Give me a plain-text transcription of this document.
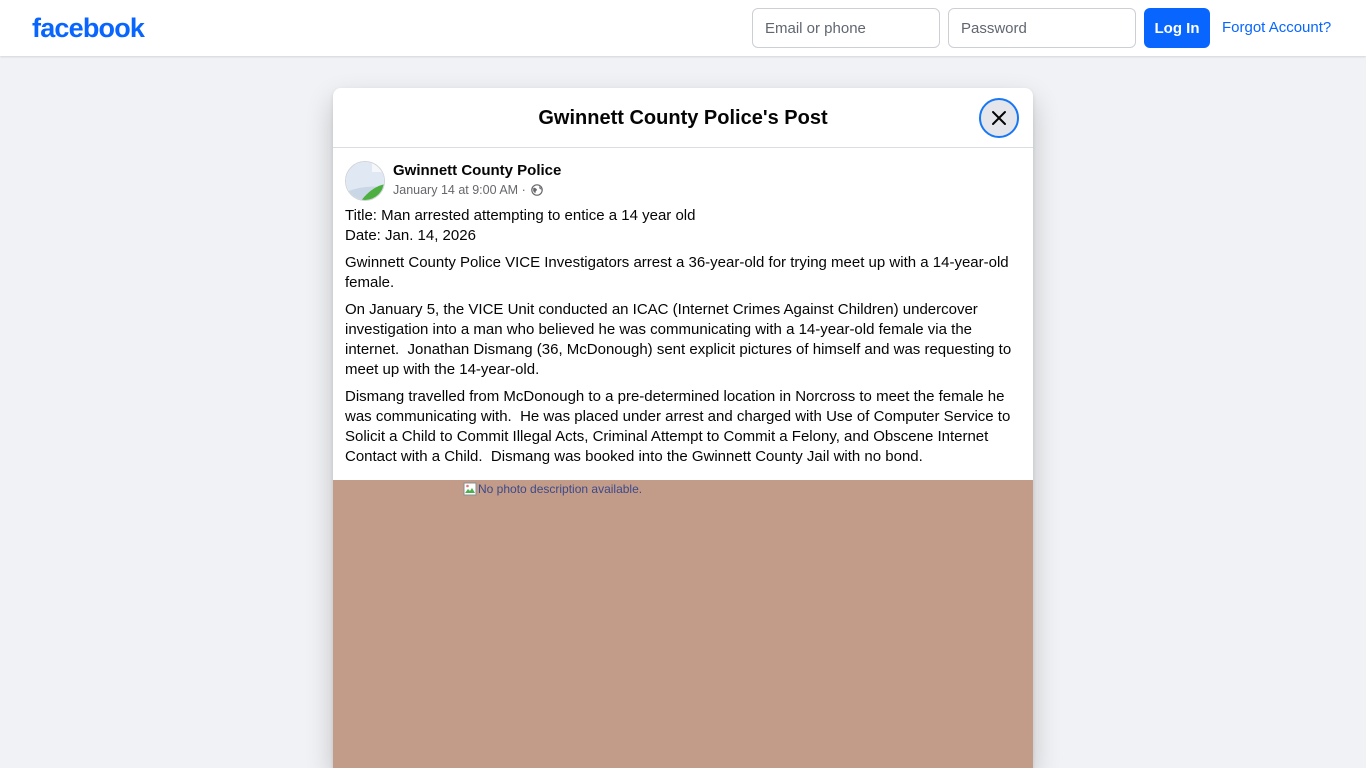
facebook
Email or phone	Log In	Forgot Account?
Gwinnett County Police's Post
Gwinnett County Police
January 14 at 9:00 AM ·

Title: Man arrested attempting to entice a 14 year old
Date: Jan. 14, 2026

Gwinnett County Police VICE Investigators arrest a 36-year-old for trying meet up with a 14-year-old female.

On January 5, the VICE Unit conducted an ICAC (Internet Crimes Against Children) undercover investigation into a man who believed he was communicating with a 14-year-old female via the internet.  Jonathan Dismang (36, McDonough) sent explicit pictures of himself and was requesting to meet up with the 14-year-old.

Dismang travelled from McDonough to a pre-determined location in Norcross to meet the female he was communicating with.  He was placed under arrest and charged with Use of Computer Service to Solicit a Child to Commit Illegal Acts, Criminal Attempt to Commit a Felony, and Obscene Internet Contact with a Child.  Dismang was booked into the Gwinnett County Jail with no bond.

No photo description available.
